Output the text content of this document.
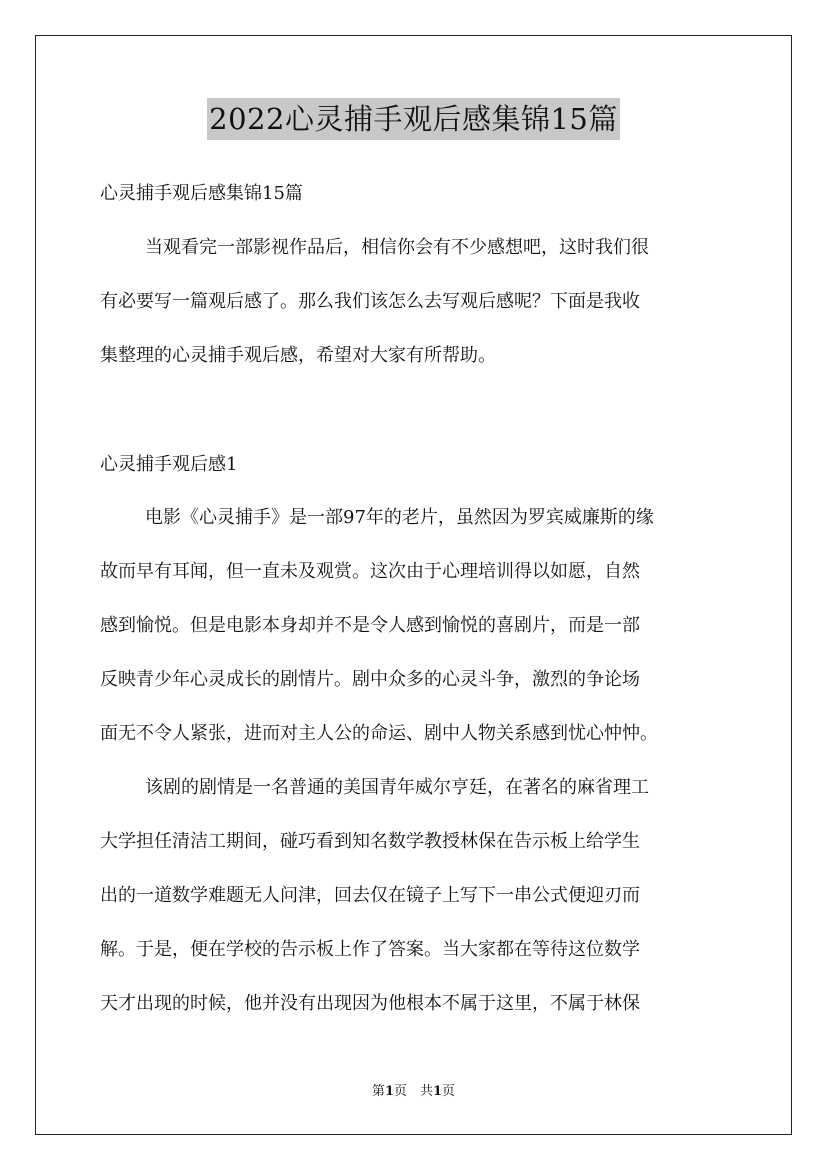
2022心灵捕手观后感集锦15篇

心灵捕手观后感集锦15篇

当观看完一部影视作品后，相信你会有不少感想吧，这时我们很
有必要写一篇观后感了。那么我们该怎么去写观后感呢？下面是我收
集整理的心灵捕手观后感，希望对大家有所帮助。

心灵捕手观后感1

电影《心灵捕手》是一部97年的老片，虽然因为罗宾威廉斯的缘
故而早有耳闻，但一直未及观赏。这次由于心理培训得以如愿，自然
感到愉悦。但是电影本身却并不是令人感到愉悦的喜剧片，而是一部
反映青少年心灵成长的剧情片。剧中众多的心灵斗争，激烈的争论场
面无不令人紧张，进而对主人公的命运、剧中人物关系感到忧心忡忡。
该剧的剧情是一名普通的美国青年威尔亨廷，在著名的麻省理工
大学担任清洁工期间，碰巧看到知名数学教授林保在告示板上给学生
出的一道数学难题无人问津，回去仅在镜子上写下一串公式便迎刃而
解。于是，便在学校的告示板上作了答案。当大家都在等待这位数学
天才出现的时候，他并没有出现因为他根本不属于这里，不属于林保
第1页　共1页
